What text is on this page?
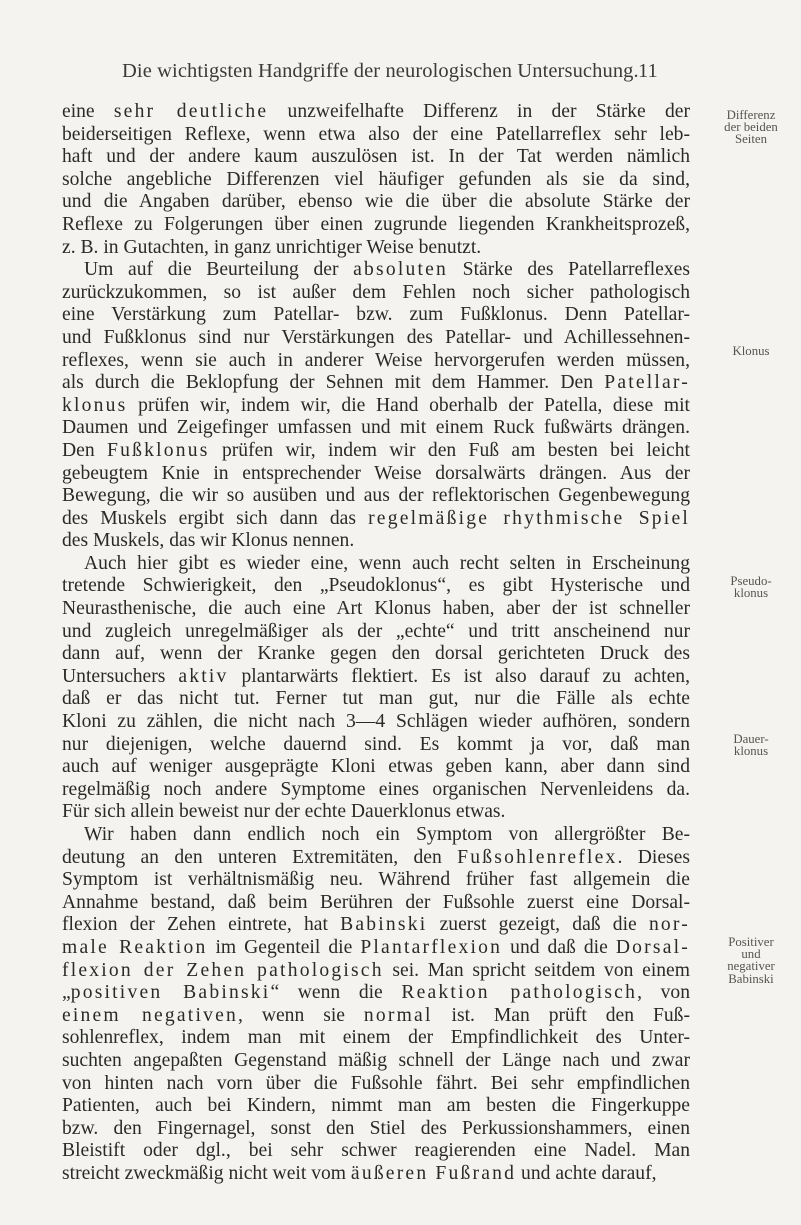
Die wichtigsten Handgriffe der neurologischen Untersuchung. 11
eine sehr deutliche unzweifelhafte Differenz in der Stärke der
beiderseitigen Reflexe, wenn etwa also der eine Patellarreflex sehr leb-
haft und der andere kaum auszulösen ist. In der Tat werden nämlich
solche angebliche Differenzen viel häufiger gefunden als sie da sind,
und die Angaben darüber, ebenso wie die über die absolute Stärke der
Reflexe zu Folgerungen über einen zugrunde liegenden Krankheitsprozeß,
z. B. in Gutachten, in ganz unrichtiger Weise benutzt.
Um auf die Beurteilung der absoluten Stärke des Patellarreflexes
zurückzukommen, so ist außer dem Fehlen noch sicher pathologisch
eine Verstärkung zum Patellar- bzw. zum Fußklonus. Denn Patellar-
und Fußklonus sind nur Verstärkungen des Patellar- und Achillessehnen-
reflexes, wenn sie auch in anderer Weise hervorgerufen werden müssen,
als durch die Beklopfung der Sehnen mit dem Hammer. Den Patellar-
klonus prüfen wir, indem wir, die Hand oberhalb der Patella, diese mit
Daumen und Zeigefinger umfassen und mit einem Ruck fußwärts drängen.
Den Fußklonus prüfen wir, indem wir den Fuß am besten bei leicht
gebeugtem Knie in entsprechender Weise dorsalwärts drängen. Aus der
Bewegung, die wir so ausüben und aus der reflektorischen Gegenbewegung
des Muskels ergibt sich dann das regelmäßige rhythmische Spiel
des Muskels, das wir Klonus nennen.
Auch hier gibt es wieder eine, wenn auch recht selten in Erscheinung
tretende Schwierigkeit, den „Pseudoklonus“, es gibt Hysterische und
Neurasthenische, die auch eine Art Klonus haben, aber der ist schneller
und zugleich unregelmäßiger als der „echte“ und tritt anscheinend nur
dann auf, wenn der Kranke gegen den dorsal gerichteten Druck des
Untersuchers aktiv plantarwärts flektiert. Es ist also darauf zu achten,
daß er das nicht tut. Ferner tut man gut, nur die Fälle als echte
Kloni zu zählen, die nicht nach 3—4 Schlägen wieder aufhören, sondern
nur diejenigen, welche dauernd sind. Es kommt ja vor, daß man
auch auf weniger ausgeprägte Kloni etwas geben kann, aber dann sind
regelmäßig noch andere Symptome eines organischen Nervenleidens da.
Für sich allein beweist nur der echte Dauerklonus etwas.
Wir haben dann endlich noch ein Symptom von allergrößter Be-
deutung an den unteren Extremitäten, den Fußsohlenreflex. Dieses
Symptom ist verhältnismäßig neu. Während früher fast allgemein die
Annahme bestand, daß beim Berühren der Fußsohle zuerst eine Dorsal-
flexion der Zehen eintrete, hat Babinski zuerst gezeigt, daß die nor-
male Reaktion im Gegenteil die Plantarflexion und daß die Dorsal-
flexion der Zehen pathologisch sei. Man spricht seitdem von einem
„positiven Babinski“ wenn die Reaktion pathologisch, von
einem negativen, wenn sie normal ist. Man prüft den Fuß-
sohlenreflex, indem man mit einem der Empfindlichkeit des Unter-
suchten angepaßten Gegenstand mäßig schnell der Länge nach und zwar
von hinten nach vorn über die Fußsohle fährt. Bei sehr empfindlichen
Patienten, auch bei Kindern, nimmt man am besten die Fingerkuppe
bzw. den Fingernagel, sonst den Stiel des Perkussionshammers, einen
Bleistift oder dgl., bei sehr schwer reagierenden eine Nadel. Man
streicht zweckmäßig nicht weit vom äußeren Fußrand und achte darauf,
Differenz
der beiden
Seiten
Klonus
Pseudo-
klonus
Dauer-
klonus
Positiver
und
negativer
Babinski
